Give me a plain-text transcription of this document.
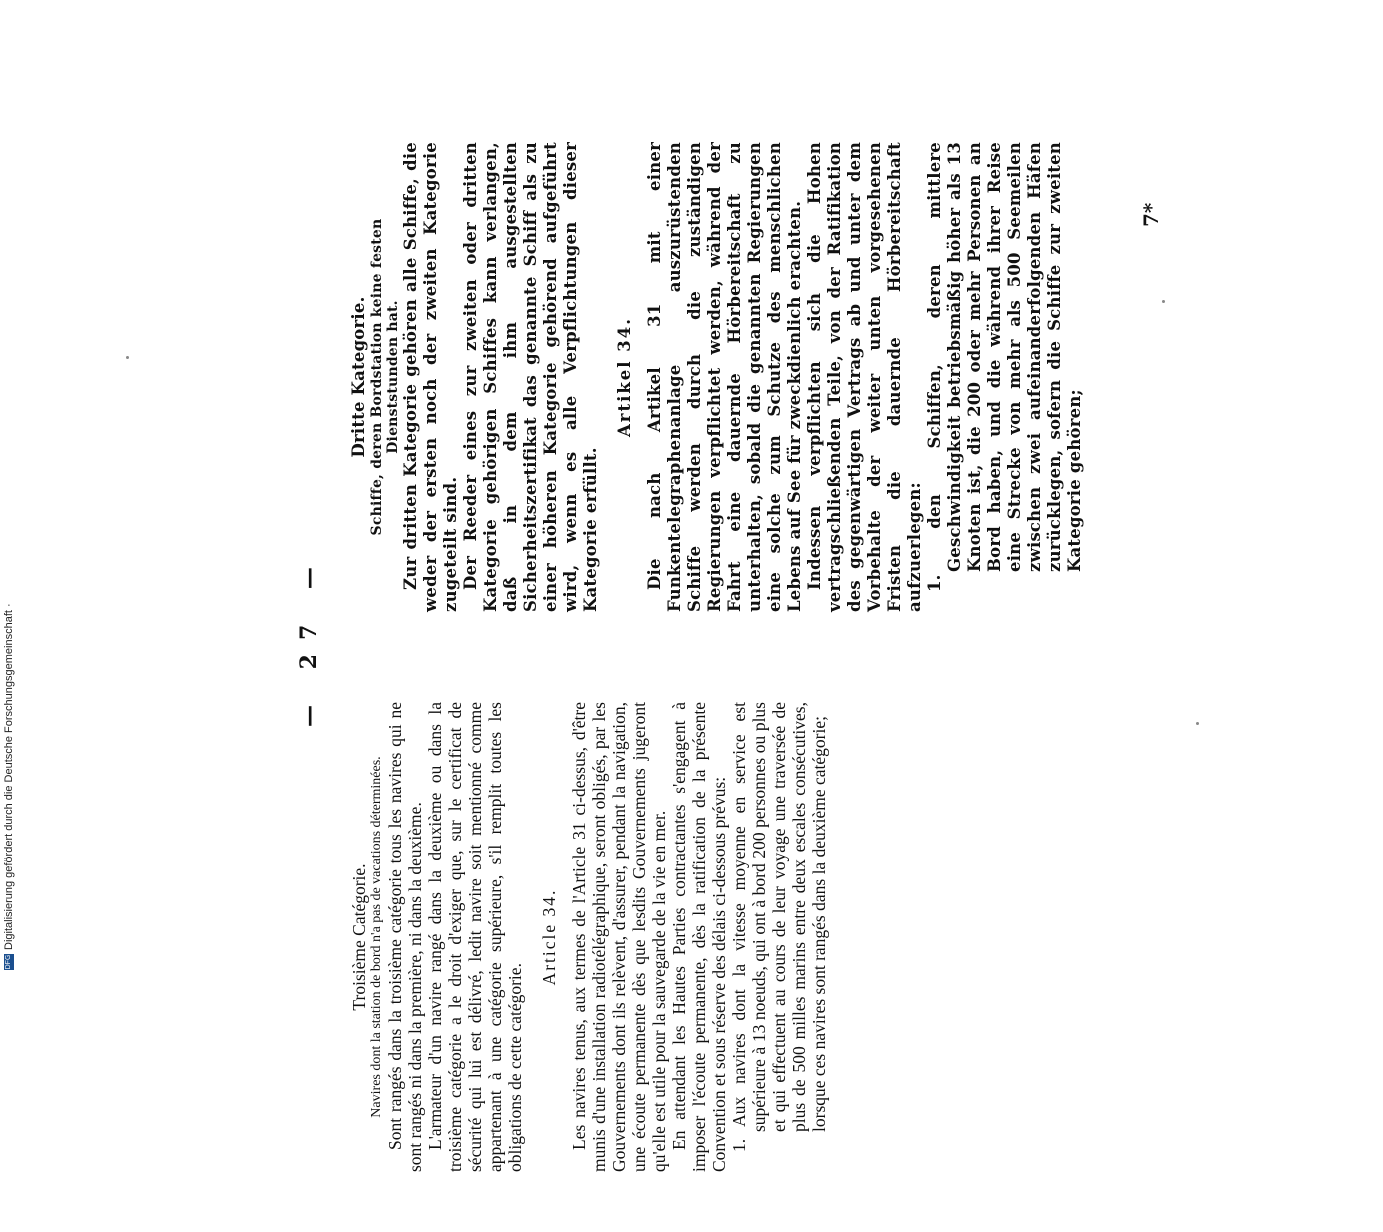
— 27 —
Troisième Catégorie. Navires dont la station de bord n'a pas de vacations déterminées. Sont rangés dans la troisième catégorie tous les navires qui ne sont rangés ni dans la première, ni dans la deuxième. L'armateur d'un navire rangé dans la deuxième ou dans la troisième catégorie a le droit d'exiger que, sur le certificat de sécurité qui lui est délivré, ledit navire soit mentionné comme appartenant à une catégorie supérieure, s'il remplit toutes les obligations de cette catégorie.

Article 34. Les navires tenus, aux termes de l'Article 31 ci-dessus, d'être munis d'une installation radiotélégraphique, seront obligés, par les Gouvernements dont ils relèvent, d'assurer, pendant la navigation, une écoute permanente dès que lesdits Gouvernements jugeront qu'elle est utile pour la sauvegarde de la vie en mer. En attendant les Hautes Parties contractantes s'engagent à imposer l'écoute permanente, dès la ratification de la présente Convention et sous réserve des délais ci-dessous prévus: 1. Aux navires dont la vitesse moyenne en service est supérieure à 13 noeuds, qui ont à bord 200 personnes ou plus et qui effectuent au cours de leur voyage une traversée de plus de 500 milles marins entre deux escales consécutives, lorsque ces navires sont rangés dans la deuxième catégorie;

Dritte Kategorie. Schiffe, deren Bordstation keine festen Dienststunden hat. Zur dritten Kategorie gehören alle Schiffe, die weder der ersten noch der zweiten Kategorie zugeteilt sind. Der Reeder eines zur zweiten oder dritten Kategorie gehörigen Schiffes kann verlangen, daß in dem ihm ausgestellten Sicherheitszertifikat das genannte Schiff als zu einer höheren Kategorie gehörend aufgeführt wird, wenn es alle Verpflichtungen dieser Kategorie erfüllt.

Artikel 34. Die nach Artikel 31 mit einer Funkentelegraphenanlage auszurüstenden Schiffe werden durch die zuständigen Regierungen verpflichtet werden, während der Fahrt eine dauernde Hörbereitschaft zu unterhalten, sobald die genannten Regierungen eine solche zum Schutze des menschlichen Lebens auf See für zweckdienlich erachten. Indessen verpflichten sich die Hohen vertragschließenden Teile, von der Ratifikation des gegenwärtigen Vertrags ab und unter dem Vorbehalte der weiter unten vorgesehenen Fristen die dauernde Hörbereitschaft aufzuerlegen: 1. den Schiffen, deren mittlere Geschwindigkeit betriebsmäßig höher als 13 Knoten ist, die 200 oder mehr Personen an Bord haben, und die während ihrer Reise eine Strecke von mehr als 500 Seemeilen zwischen zwei aufeinanderfolgenden Häfen zurücklegen, sofern die Schiffe zur zweiten Kategorie gehören;

7*
DFGDigitalisierung gefördert durch die Deutsche Forschungsgemeinschaft ·
